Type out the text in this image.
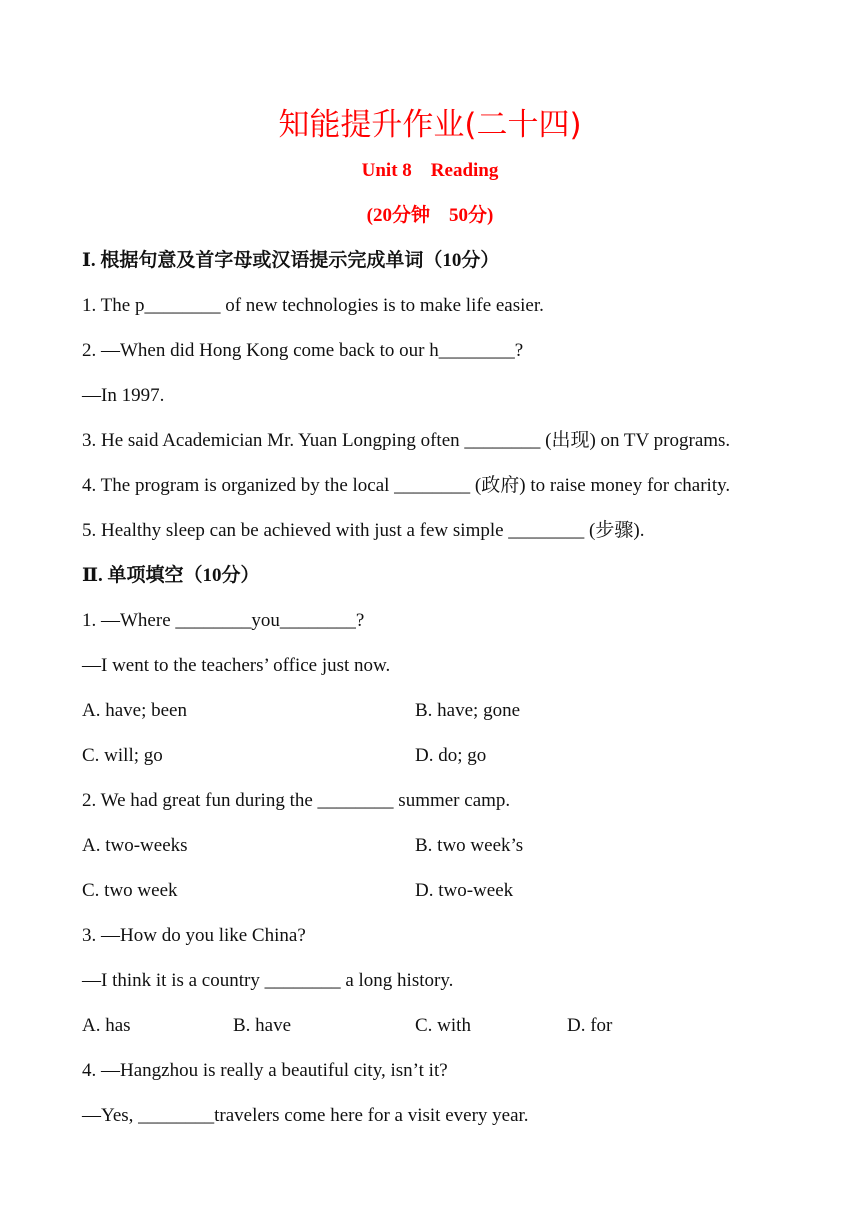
知能提升作业(二十四)
Unit 8    Reading
(20分钟    50分)
Ⅰ. 根据句意及首字母或汉语提示完成单词（10分）
1. The p________ of new technologies is to make life easier.
2. —When did Hong Kong come back to our h________?
—In 1997.
3. He said Academician Mr. Yuan Longping often ________ (出现) on TV programs.
4. The program is organized by the local ________ (政府) to raise money for charity.
5. Healthy sleep can be achieved with just a few simple ________ (步骤).
Ⅱ. 单项填空（10分）
1. —Where ________you________?
—I went to the teachers’ office just now.
A. have; been	B. have; gone
C. will; go	D. do; go
2. We had great fun during the ________ summer camp.
A. two-weeks	B. two week’s
C. two week	D. two-week
3. —How do you like China?
—I think it is a country ________ a long history.
A. has	B. have	C. with	D. for
4. —Hangzhou is really a beautiful city, isn’t it?
—Yes, ________travelers come here for a visit every year.
